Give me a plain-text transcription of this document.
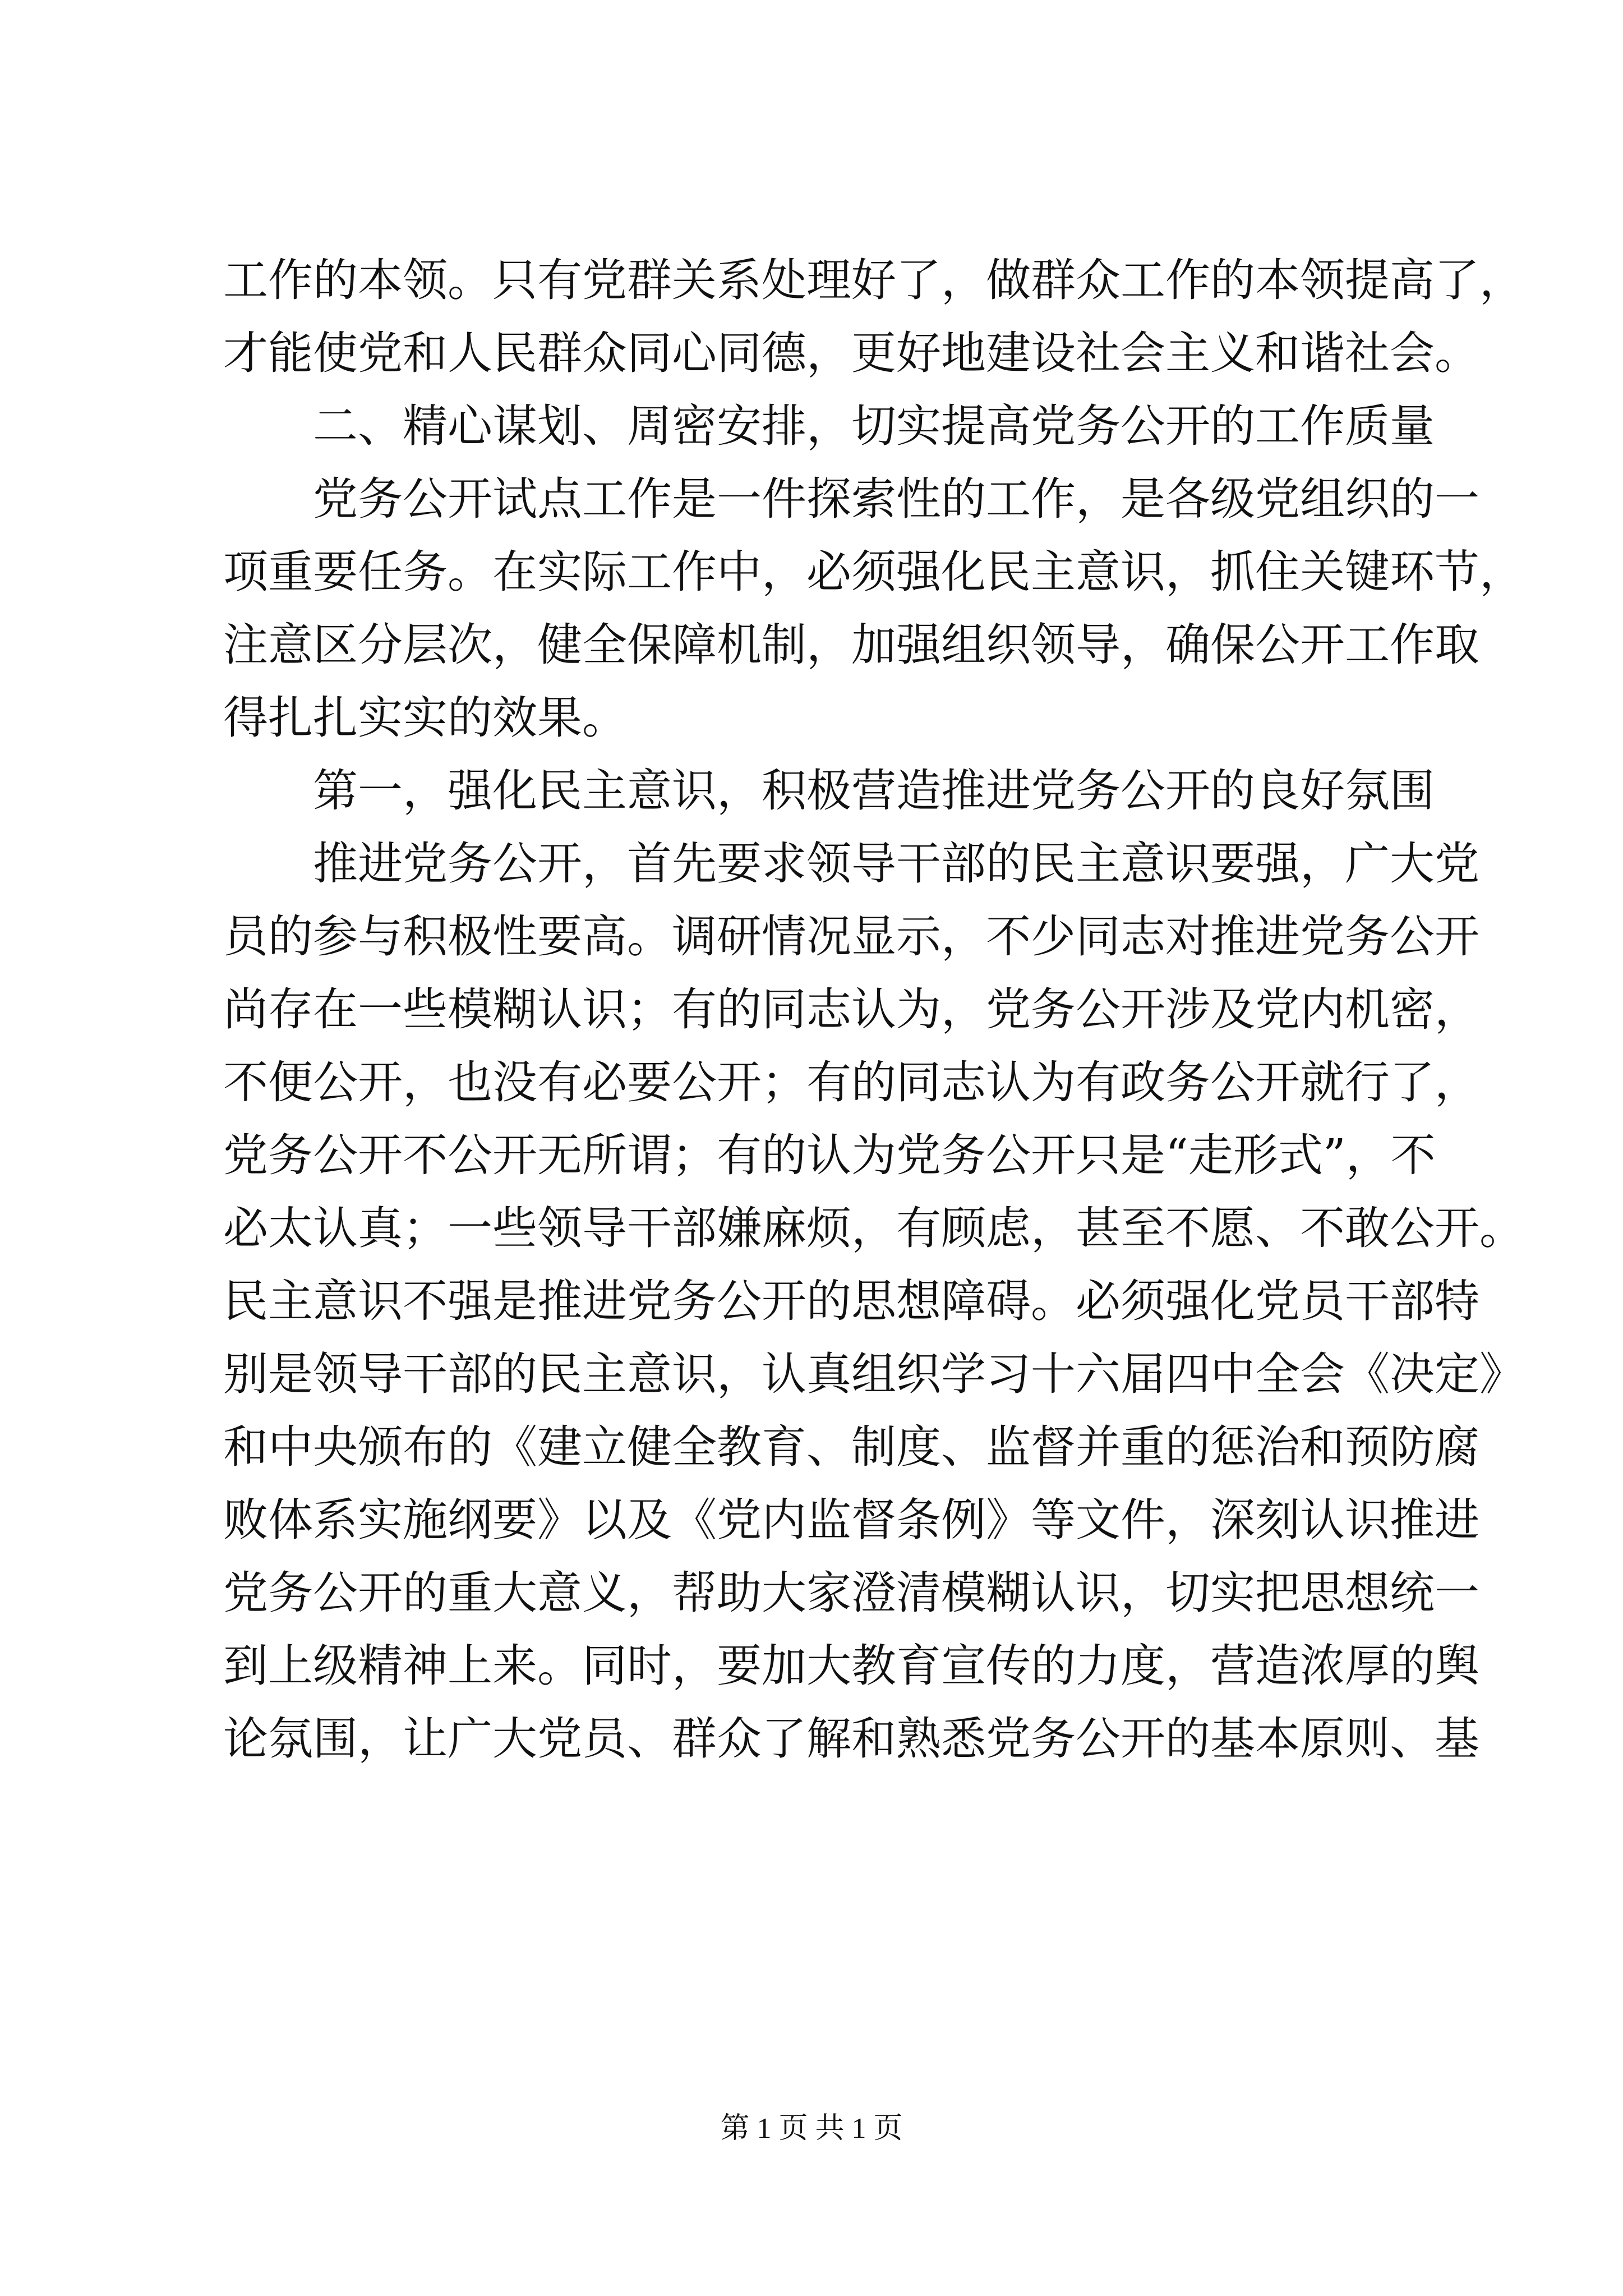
工作的本领。只有党群关系处理好了，做群众工作的本领提高了，
才能使党和人民群众同心同德，更好地建设社会主义和谐社会。
二、精心谋划、周密安排，切实提高党务公开的工作质量
党务公开试点工作是一件探索性的工作，是各级党组织的一
项重要任务。在实际工作中，必须强化民主意识，抓住关键环节，
注意区分层次，健全保障机制，加强组织领导，确保公开工作取
得扎扎实实的效果。
第一，强化民主意识，积极营造推进党务公开的良好氛围
推进党务公开，首先要求领导干部的民主意识要强，广大党
员的参与积极性要高。调研情况显示，不少同志对推进党务公开
尚存在一些模糊认识；有的同志认为，党务公开涉及党内机密，
不便公开，也没有必要公开；有的同志认为有政务公开就行了，
党务公开不公开无所谓；有的认为党务公开只是“走形式”，不
必太认真；一些领导干部嫌麻烦，有顾虑，甚至不愿、不敢公开。
民主意识不强是推进党务公开的思想障碍。必须强化党员干部特
别是领导干部的民主意识，认真组织学习十六届四中全会《决定》
和中央颁布的《建立健全教育、制度、监督并重的惩治和预防腐
败体系实施纲要》以及《党内监督条例》等文件，深刻认识推进
党务公开的重大意义，帮助大家澄清模糊认识，切实把思想统一
到上级精神上来。同时，要加大教育宣传的力度，营造浓厚的舆
论氛围，让广大党员、群众了解和熟悉党务公开的基本原则、基
第 1 页 共 1 页
